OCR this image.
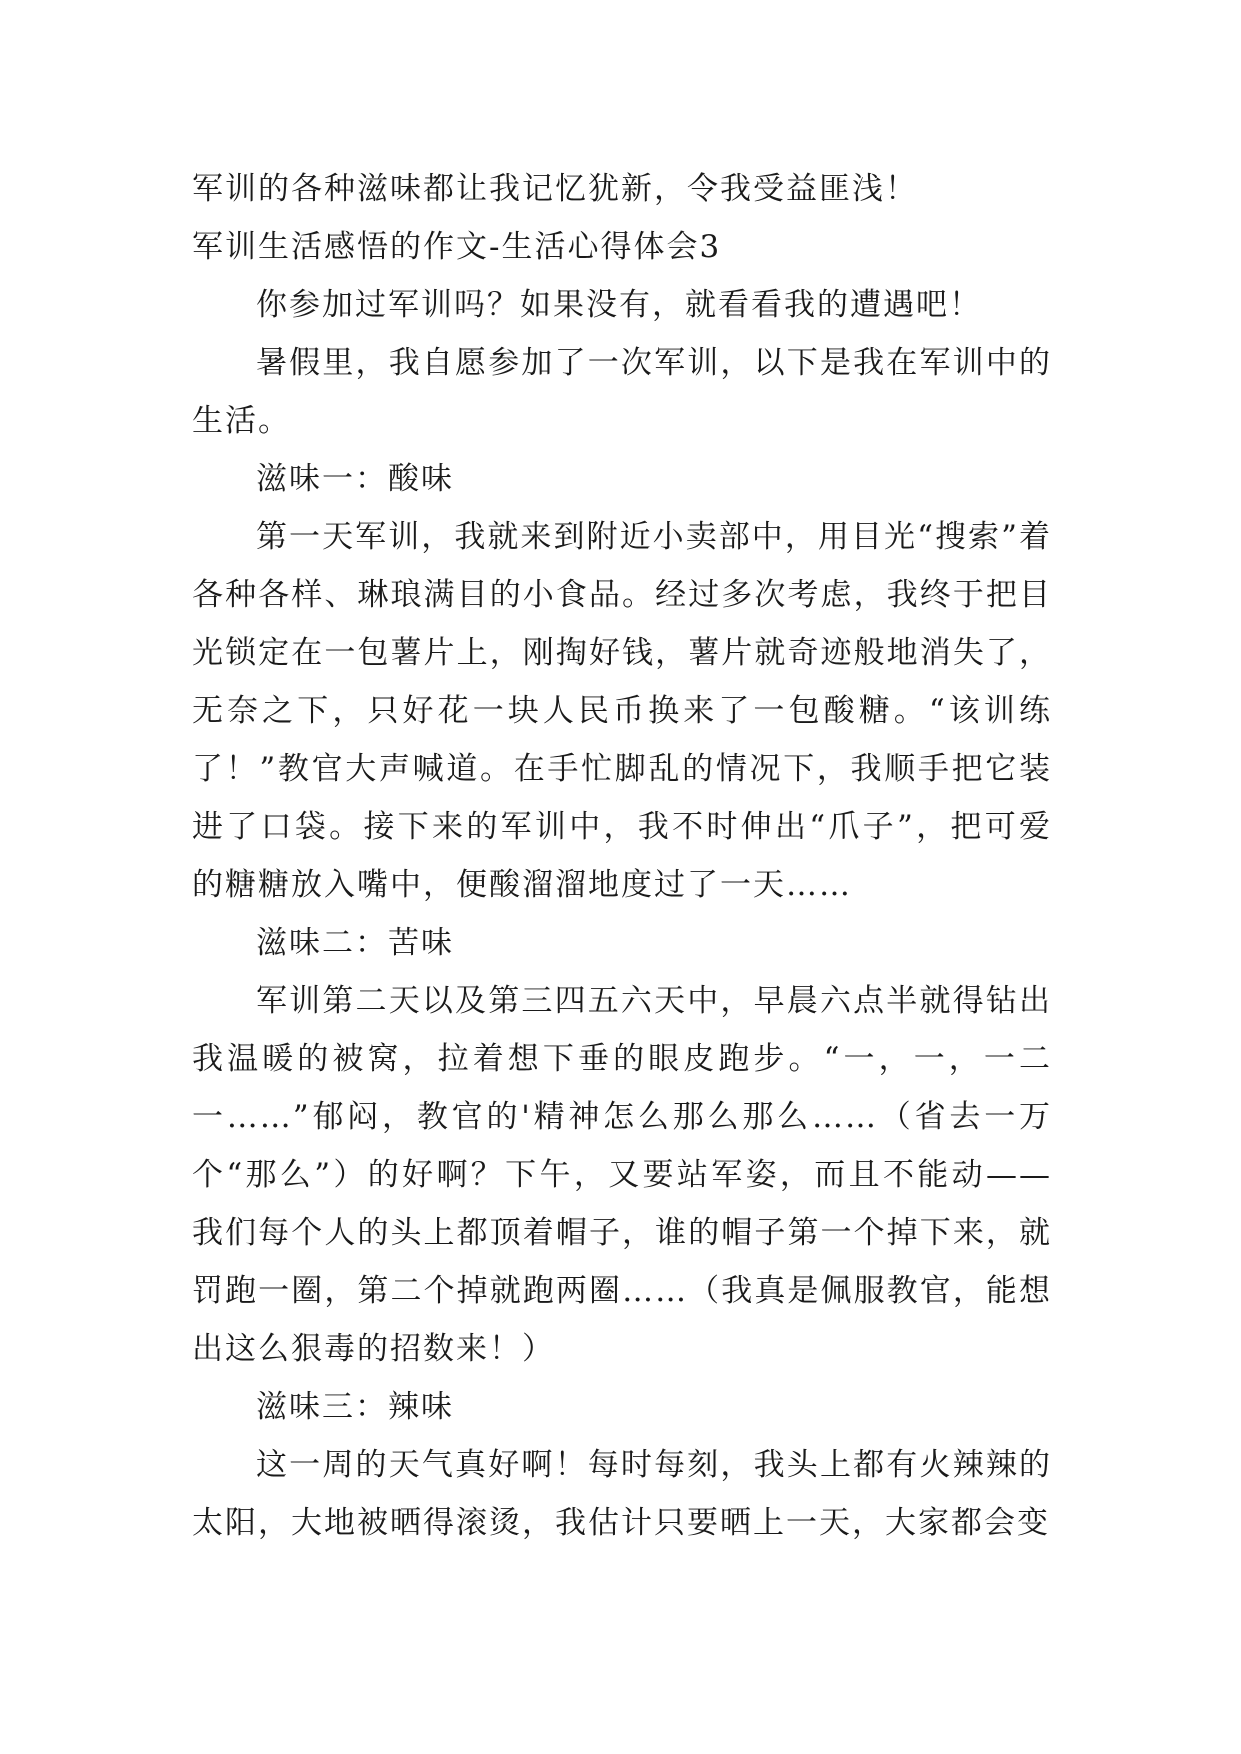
军训的各种滋味都让我记忆犹新，令我受益匪浅！
军训生活感悟的作文-生活心得体会3

你参加过军训吗？如果没有，就看看我的遭遇吧！

暑假里，我自愿参加了一次军训，以下是我在军训中的生活。

滋味一：酸味

第一天军训，我就来到附近小卖部中，用目光“搜索”着各种各样、琳琅满目的小食品。经过多次考虑，我终于把目光锁定在一包薯片上，刚掏好钱，薯片就奇迹般地消失了，无奈之下，只好花一块人民币换来了一包酸糖。“该训练了！”教官大声喊道。在手忙脚乱的情况下，我顺手把它装进了口袋。接下来的军训中，我不时伸出“爪子”，把可爱的糖糖放入嘴中，便酸溜溜地度过了一天……

滋味二：苦味

军训第二天以及第三四五六天中，早晨六点半就得钻出我温暖的被窝，拉着想下垂的眼皮跑步。“一，一，一二一……”郁闷，教官的'精神怎么那么那么……（省去一万个“那么”）的好啊？下午，又要站军姿，而且不能动——我们每个人的头上都顶着帽子，谁的帽子第一个掉下来，就罚跑一圈，第二个掉就跑两圈……（我真是佩服教官，能想出这么狠毒的招数来！）

滋味三：辣味

这一周的天气真好啊！每时每刻，我头上都有火辣辣的太阳，大地被晒得滚烫，我估计只要晒上一天，大家都会变
